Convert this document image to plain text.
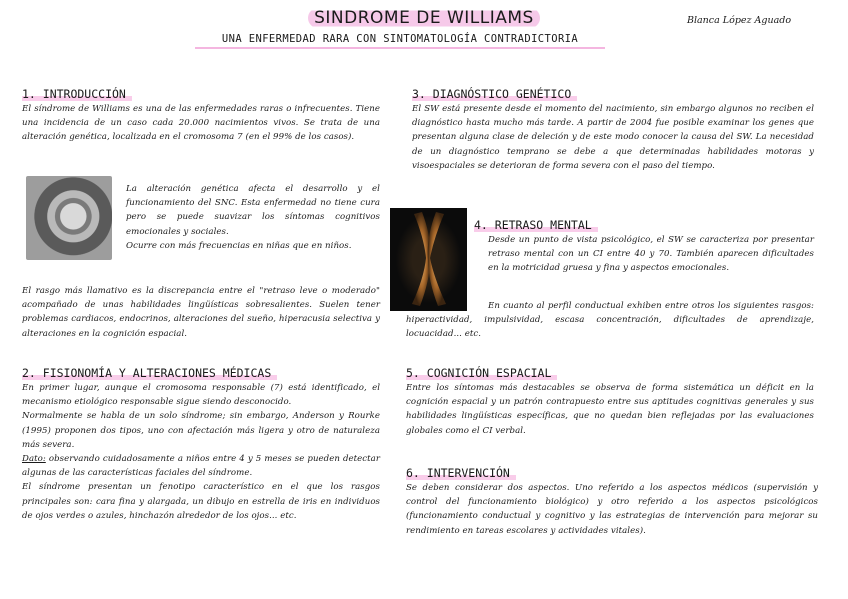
SINDROME DE WILLIAMS
UNA ENFERMEDAD RARA CON SINTOMATOLOGÍA CONTRADICTORIA
Blanca López Aguado
1. INTRODUCCIÓN

El síndrome de Williams es una de las enfermedades raras o infrecuentes. Tiene una incidencia de un caso cada 20.000 nacimientos vivos. Se trata de una alteración genética, localizada en el cromosoma 7 (en el 99% de los casos).

La alteración genética afecta el desarrollo y el funcionamiento del SNC. Esta enfermedad no tiene cura pero se puede suavizar los síntomas cognitivos emocionales y sociales.

Ocurre con más frecuencias en niñas que en niños.

El rasgo más llamativo es la discrepancia entre el "retraso leve o moderado" acompañado de unas habilidades lingüísticas sobresalientes. Suelen tener problemas cardiacos, endocrinos, alteraciones del sueño, hiperacusia selectiva y alteraciones en la cognición espacial.

2. FISIONOMÍA Y ALTERACIONES MÉDICAS

En primer lugar, aunque el cromosoma responsable (7) está identificado, el mecanismo etiológico responsable sigue siendo desconocido.

Normalmente se habla de un solo síndrome; sin embargo, Anderson y Rourke (1995) proponen dos tipos, uno con afectación más ligera y otro de naturaleza más severa.

Dato: observando cuidadosamente a niños entre 4 y 5 meses se pueden detectar algunas de las características faciales del síndrome.

El síndrome presentan un fenotipo característico en el que los rasgos principales son: cara fina y alargada, un dibujo en estrella de iris en individuos de ojos verdes o azules, hinchazón alrededor de los ojos... etc.

3. DIAGNÓSTICO GENÉTICO

El SW está presente desde el momento del nacimiento, sin embargo algunos no reciben el diagnóstico hasta mucho más tarde. A partir de 2004 fue posible examinar los genes que presentan alguna clase de deleción y de este modo conocer la causa del SW. La necesidad de un diagnóstico temprano se debe a que determinadas habilidades motoras y visoespaciales se deterioran de forma severa con el paso del tiempo.

4. RETRASO MENTAL

Desde un punto de vista psicológico, el SW se caracteriza por presentar retraso mental con un CI entre 40 y 70. También aparecen dificultades en la motricidad gruesa y fina y aspectos emocionales.

En cuanto al perfil conductual exhiben entre otros los siguientes rasgos: hiperactividad, impulsividad, escasa concentración, dificultades de aprendizaje, locuacidad... etc.

5. COGNICIÓN ESPACIAL

Entre los síntomas más destacables se observa de forma sistemática un déficit en la cognición espacial y un patrón contrapuesto entre sus aptitudes cognitivas generales y sus habilidades lingüísticas específicas, que no quedan bien reflejadas por las evaluaciones globales como el CI verbal.

6. INTERVENCIÓN

Se deben considerar dos aspectos. Uno referido a los aspectos médicos (supervisión y control del funcionamiento biológico) y otro referido a los aspectos psicológicos (funcionamiento conductual y cognitivo y las estrategias de intervención para mejorar su rendimiento en tareas escolares y actividades vitales).
